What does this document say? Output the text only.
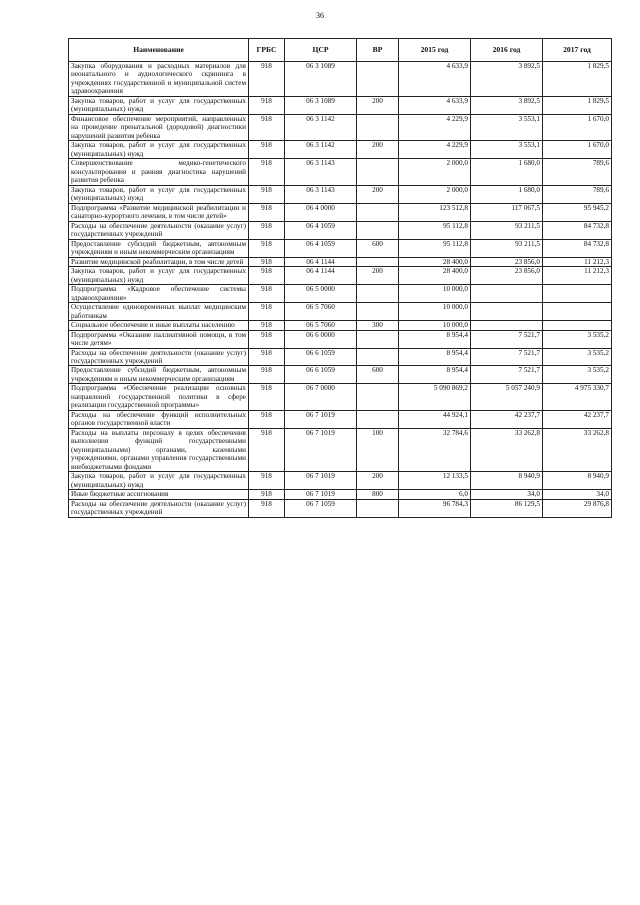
36
Наименование	ГРБС	ЦСР	ВР	2015 год	2016 год	2017 год
Закупка оборудования и расходных материалов для неонатального и аудиологического скрининга в учреждениях государственной и муниципальной систем здравоохранения	918	06 3 1089		4 633,9	3 892,5	1 829,5
Закупка товаров, работ и услуг для государственных (муниципальных) нужд	918	06 3 1089	200	4 633,9	3 892,5	1 829,5
Финансовое обеспечение мероприятий, направленных на проведение пренатальной (дородовой) диагностики нарушений развития ребенка	918	06 3 1142		4 229,9	3 553,1	1 670,0
Закупка товаров, работ и услуг для государственных (муниципальных) нужд	918	06 3 1142	200	4 229,9	3 553,1	1 670,0
Совершенствование медико-генетического консультирования и ранняя диагностика нарушений развития ребенка	918	06 3 1143		2 000,0	1 680,0	789,6
Закупка товаров, работ и услуг для государственных (муниципальных) нужд	918	06 3 1143	200	2 000,0	1 680,0	789,6
Подпрограмма «Развитие медицинской реабилитации и санаторно-курортного лечения, в том числе детей»	918	06 4 0000		123 512,8	117 067,5	95 945,2
Расходы на обеспечение деятельности (оказание услуг) государственных учреждений	918	06 4 1059		95 112,8	93 211,5	84 732,8
Предоставление субсидий бюджетным, автономным учреждениям и иным некоммерческим организациям	918	06 4 1059	600	95 112,8	93 211,5	84 732,8
Развитие медицинской реабилитации, в том числе детей	918	06 4 1144		28 400,0	23 856,0	11 212,3
Закупка товаров, работ и услуг для государственных (муниципальных) нужд	918	06 4 1144	200	28 400,0	23 856,0	11 212,3
Подпрограмма «Кадровое обеспечение системы здравоохранения»	918	06 5 0000		10 000,0		
Осуществление единовременных выплат медицинским работникам	918	06 5 7060		10 000,0		
Социальное обеспечение и иные выплаты населению	918	06 5 7060	300	10 000,0		
Подпрограмма «Оказание паллиативной помощи, в том числе детям»	918	06 6 0000		8 954,4	7 521,7	3 535,2
Расходы на обеспечение деятельности (оказание услуг) государственных учреждений	918	06 6 1059		8 954,4	7 521,7	3 535,2
Предоставление субсидий бюджетным, автономным учреждениям и иным некоммерческим организациям	918	06 6 1059	600	8 954,4	7 521,7	3 535,2
Подпрограмма «Обеспечение реализации основных направлений государственной политики в сфере реализации государственной программы»	918	06 7 0000		5 090 869,2	5 057 240,9	4 975 330,7
Расходы на обеспечение функций исполнительных органов государственной власти	918	06 7 1019		44 924,1	42 237,7	42 237,7
Расходы на выплаты персоналу в целях обеспечения выполнения функций государственными (муниципальными) органами, казенными учреждениями, органами управления государственными внебюджетными фондами	918	06 7 1019	100	32 784,6	33 262,8	33 262,8
Закупка товаров, работ и услуг для государственных (муниципальных) нужд	918	06 7 1019	200	12 133,5	8 940,9	8 940,9
Иные бюджетные ассигнования	918	06 7 1019	800	6,0	34,0	34,0
Расходы на обеспечение деятельности (оказание услуг) государственных учреждений	918	06 7 1059		96 784,3	86 129,5	29 876,8
